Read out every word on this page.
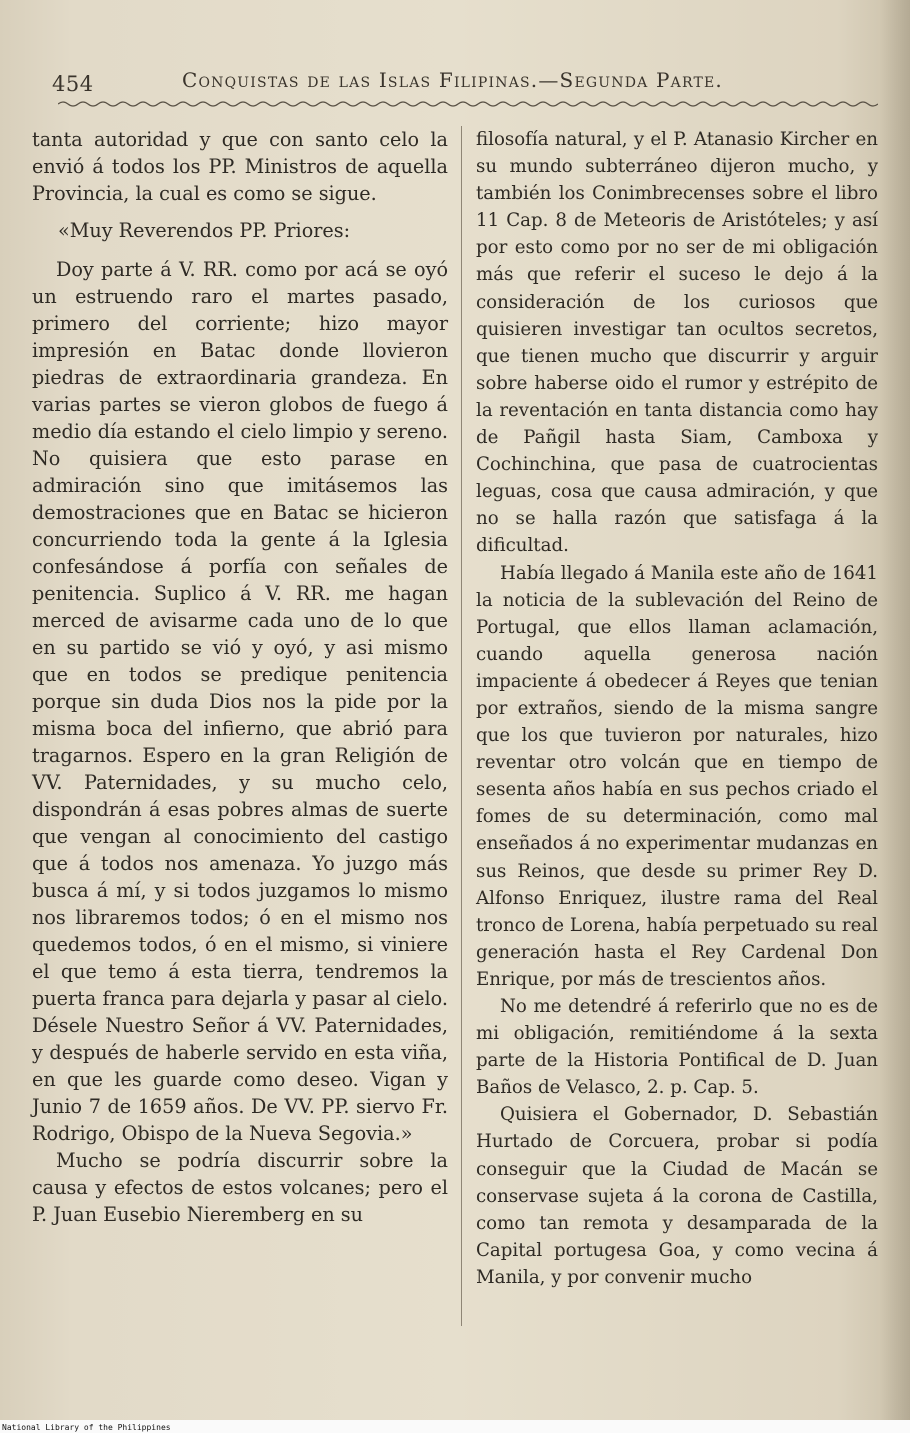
454	Conquistas de las Islas Filipinas.—Segunda Parte.

tanta autoridad y que con santo celo la envió á todos los PP. Ministros de aquella Provincia, la cual es como se sigue.

«Muy Reverendos PP. Priores:

Doy parte á V. RR. como por acá se oyó un estruendo raro el martes pasado, primero del corriente; hizo mayor impresión en Batac donde llovieron piedras de extraordinaria grandeza. En varias partes se vieron globos de fuego á medio día estando el cielo limpio y sereno. No quisiera que esto parase en admiración sino que imitásemos las demostraciones que en Batac se hicieron concurriendo toda la gente á la Iglesia confesándose á porfía con señales de penitencia. Suplico á V. RR. me hagan merced de avisarme cada uno de lo que en su partido se vió y oyó, y asi mismo que en todos se predique penitencia porque sin duda Dios nos la pide por la misma boca del infierno, que abrió para tragarnos. Espero en la gran Religión de VV. Paternidades, y su mucho celo, dispondrán á esas pobres almas de suerte que vengan al conocimiento del castigo que á todos nos amenaza. Yo juzgo más busca á mí, y si todos juzgamos lo mismo nos libraremos todos; ó en el mismo nos quedemos todos, ó en el mismo, si viniere el que temo á esta tierra, tendremos la puerta franca para dejarla y pasar al cielo. Désele Nuestro Señor á VV. Paternidades, y después de haberle servido en esta viña, en que les guarde como deseo. Vigan y Junio 7 de 1659 años. De VV. PP. siervo Fr. Rodrigo, Obispo de la Nueva Segovia.»

Mucho se podría discurrir sobre la causa y efectos de estos volcanes; pero el P. Juan Eusebio Nieremberg en su

filosofía natural, y el P. Atanasio Kircher en su mundo subterráneo dijeron mucho, y también los Conimbrecenses sobre el libro 11 Cap. 8 de Meteoris de Aristóteles; y así por esto como por no ser de mi obligación más que referir el suceso le dejo á la consideración de los curiosos que quisieren investigar tan ocultos secretos, que tienen mucho que discurrir y arguir sobre haberse oido el rumor y estrépito de la reventación en tanta distancia como hay de Pañgil hasta Siam, Camboxa y Cochinchina, que pasa de cuatrocientas leguas, cosa que causa admiración, y que no se halla razón que satisfaga á la dificultad.

Había llegado á Manila este año de 1641 la noticia de la sublevación del Reino de Portugal, que ellos llaman aclamación, cuando aquella generosa nación impaciente á obedecer á Reyes que tenian por extraños, siendo de la misma sangre que los que tuvieron por naturales, hizo reventar otro volcán que en tiempo de sesenta años había en sus pechos criado el fomes de su determinación, como mal enseñados á no experimentar mudanzas en sus Reinos, que desde su primer Rey D. Alfonso Enriquez, ilustre rama del Real tronco de Lorena, había perpetuado su real generación hasta el Rey Cardenal Don Enrique, por más de trescientos años.

No me detendré á referirlo que no es de mi obligación, remitiéndome á la sexta parte de la Historia Pontifical de D. Juan Baños de Velasco, 2. p. Cap. 5.

Quisiera el Gobernador, D. Sebastián Hurtado de Corcuera, probar si podía conseguir que la Ciudad de Macán se conservase sujeta á la corona de Castilla, como tan remota y desamparada de la Capital portugesa Goa, y como vecina á Manila, y por convenir mucho

National Library of the Philippines
